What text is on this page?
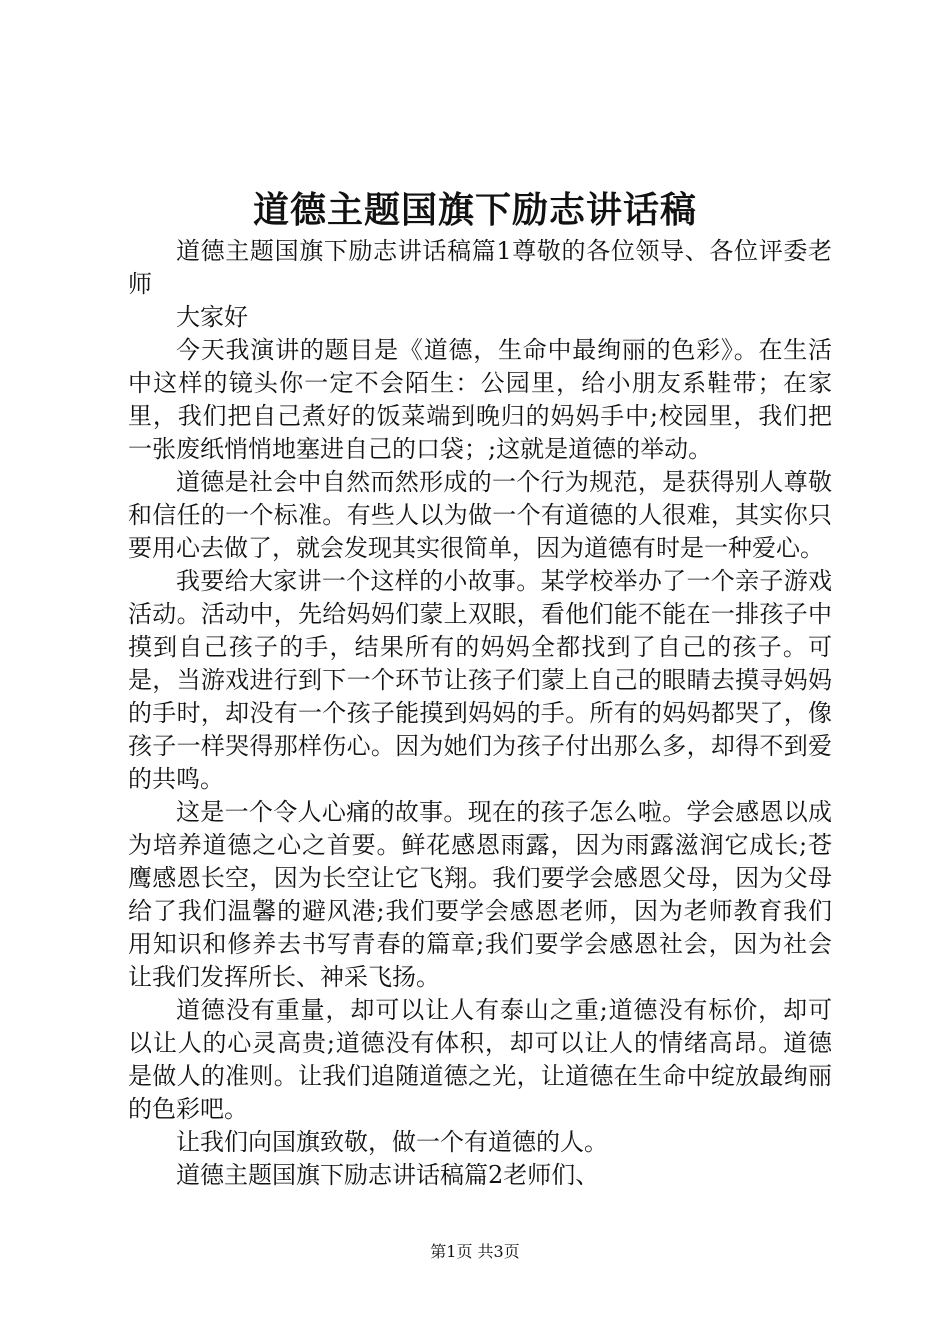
道德主题国旗下励志讲话稿

道德主题国旗下励志讲话稿篇1尊敬的各位领导、各位评委老师

大家好

今天我演讲的题目是《道德，生命中最绚丽的色彩》。在生活中这样的镜头你一定不会陌生：公园里，给小朋友系鞋带；在家里，我们把自己煮好的饭菜端到晚归的妈妈手中;校园里，我们把一张废纸悄悄地塞进自己的口袋；;这就是道德的举动。

道德是社会中自然而然形成的一个行为规范，是获得别人尊敬和信任的一个标准。有些人以为做一个有道德的人很难，其实你只要用心去做了，就会发现其实很简单，因为道德有时是一种爱心。

我要给大家讲一个这样的小故事。某学校举办了一个亲子游戏活动。活动中，先给妈妈们蒙上双眼，看他们能不能在一排孩子中摸到自己孩子的手，结果所有的妈妈全都找到了自己的孩子。可是，当游戏进行到下一个环节让孩子们蒙上自己的眼睛去摸寻妈妈的手时，却没有一个孩子能摸到妈妈的手。所有的妈妈都哭了，像孩子一样哭得那样伤心。因为她们为孩子付出那么多，却得不到爱的共鸣。

这是一个令人心痛的故事。现在的孩子怎么啦。学会感恩以成为培养道德之心之首要。鲜花感恩雨露，因为雨露滋润它成长;苍鹰感恩长空，因为长空让它飞翔。我们要学会感恩父母，因为父母给了我们温馨的避风港;我们要学会感恩老师，因为老师教育我们用知识和修养去书写青春的篇章;我们要学会感恩社会，因为社会让我们发挥所长、神采飞扬。

道德没有重量，却可以让人有泰山之重;道德没有标价，却可以让人的心灵高贵;道德没有体积，却可以让人的情绪高昂。道德是做人的准则。让我们追随道德之光，让道德在生命中绽放最绚丽的色彩吧。

让我们向国旗致敬，做一个有道德的人。

道德主题国旗下励志讲话稿篇2老师们、

第1页 共3页
